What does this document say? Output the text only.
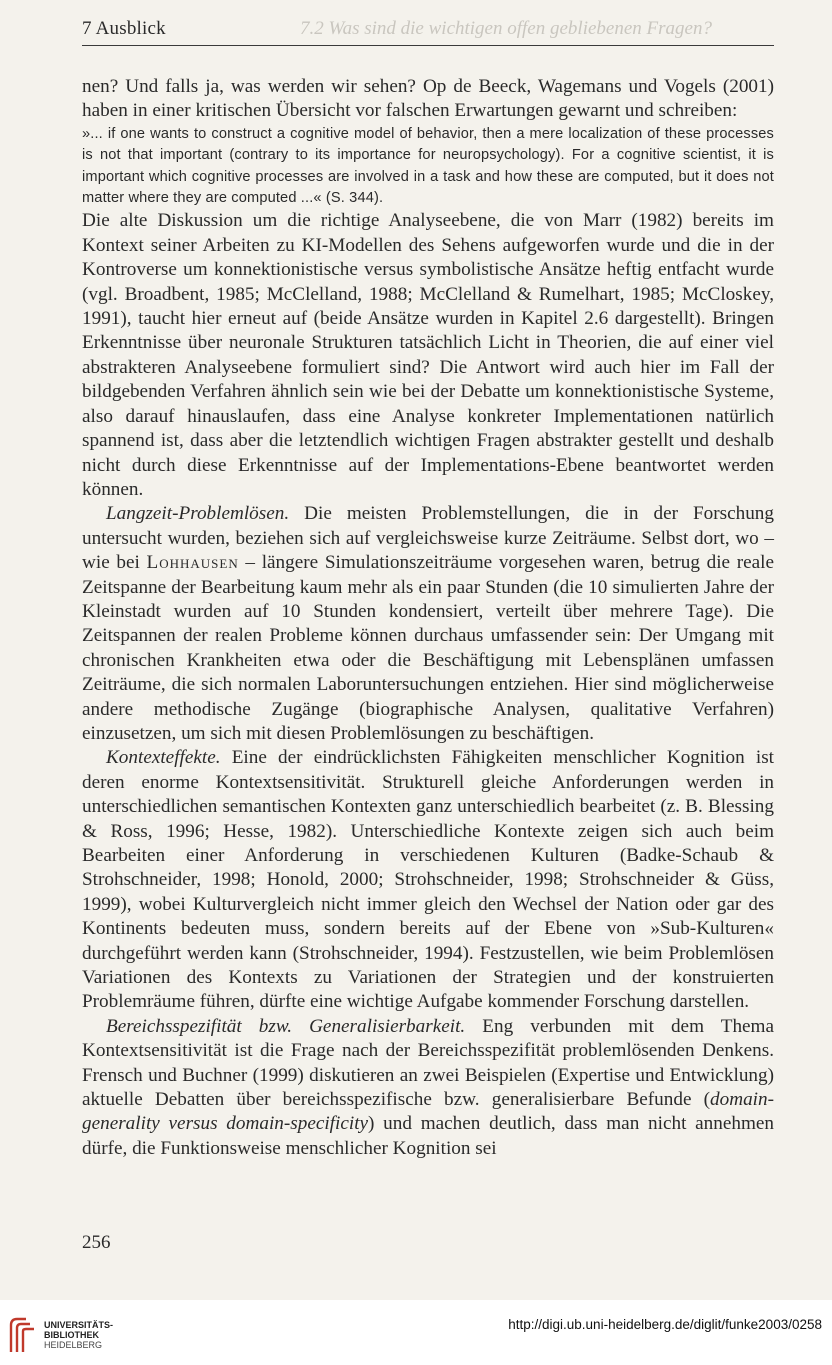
7.2 Was sind die wichtigen offen gebliebenen Fragen?
7 Ausblick

nen? Und falls ja, was werden wir sehen? Op de Beeck, Wagemans und Vogels (2001) haben in einer kritischen Übersicht vor falschen Erwartungen gewarnt und schreiben:

»... if one wants to construct a cognitive model of behavior, then a mere localization of these processes is not that important (contrary to its importance for neuropsychology). For a cognitive scientist, it is important which cognitive processes are involved in a task and how these are computed, but it does not matter where they are computed ...« (S. 344).

Die alte Diskussion um die richtige Analyseebene, die von Marr (1982) bereits im Kontext seiner Arbeiten zu KI-Modellen des Sehens aufgeworfen wurde und die in der Kontroverse um konnektionistische versus symbolistische Ansätze heftig entfacht wurde (vgl. Broadbent, 1985; McClelland, 1988; McClelland & Rumelhart, 1985; McCloskey, 1991), taucht hier erneut auf (beide Ansätze wurden in Kapitel 2.6 dargestellt). Bringen Erkenntnisse über neuronale Strukturen tatsächlich Licht in Theorien, die auf einer viel abstrakteren Analyseebene formuliert sind? Die Antwort wird auch hier im Fall der bildgebenden Verfahren ähnlich sein wie bei der Debatte um konnektionistische Systeme, also darauf hinauslaufen, dass eine Analyse konkreter Implementationen natürlich spannend ist, dass aber die letztendlich wichtigen Fragen abstrakter gestellt und deshalb nicht durch diese Erkenntnisse auf der Implementations-Ebene beantwortet werden können.

Langzeit-Problemlösen. Die meisten Problemstellungen, die in der Forschung untersucht wurden, beziehen sich auf vergleichsweise kurze Zeiträume. Selbst dort, wo – wie bei Lohhausen – längere Simulationszeiträume vorgesehen waren, betrug die reale Zeitspanne der Bearbeitung kaum mehr als ein paar Stunden (die 10 simulierten Jahre der Kleinstadt wurden auf 10 Stunden kondensiert, verteilt über mehrere Tage). Die Zeitspannen der realen Probleme können durchaus umfassender sein: Der Umgang mit chronischen Krankheiten etwa oder die Beschäftigung mit Lebensplänen umfassen Zeiträume, die sich normalen Laboruntersuchungen entziehen. Hier sind möglicherweise andere methodische Zugänge (biographische Analysen, qualitative Verfahren) einzusetzen, um sich mit diesen Problemlösungen zu beschäftigen.

Kontexteffekte. Eine der eindrücklichsten Fähigkeiten menschlicher Kognition ist deren enorme Kontextsensitivität. Strukturell gleiche Anforderungen werden in unterschiedlichen semantischen Kontexten ganz unterschiedlich bearbeitet (z. B. Blessing & Ross, 1996; Hesse, 1982). Unterschiedliche Kontexte zeigen sich auch beim Bearbeiten einer Anforderung in verschiedenen Kulturen (Badke-Schaub & Strohschneider, 1998; Honold, 2000; Strohschneider, 1998; Strohschneider & Güss, 1999), wobei Kulturvergleich nicht immer gleich den Wechsel der Nation oder gar des Kontinents bedeuten muss, sondern bereits auf der Ebene von »Sub-Kulturen« durchgeführt werden kann (Strohschneider, 1994). Festzustellen, wie beim Problemlösen Variationen des Kontexts zu Variationen der Strategien und der konstruierten Problemräume führen, dürfte eine wichtige Aufgabe kommender Forschung darstellen.

Bereichsspezifität bzw. Generalisierbarkeit. Eng verbunden mit dem Thema Kontextsensitivität ist die Frage nach der Bereichsspezifität problemlösenden Denkens. Frensch und Buchner (1999) diskutieren an zwei Beispielen (Expertise und Entwicklung) aktuelle Debatten über bereichsspezifische bzw. generalisierbare Befunde (domain-generality versus domain-specificity) und machen deutlich, dass man nicht annehmen dürfe, die Funktionsweise menschlicher Kognition sei

256
UNIVERSITÄTS-
BIBLIOTHEK
HEIDELBERG
http://digi.ub.uni-heidelberg.de/diglit/funke2003/0258
